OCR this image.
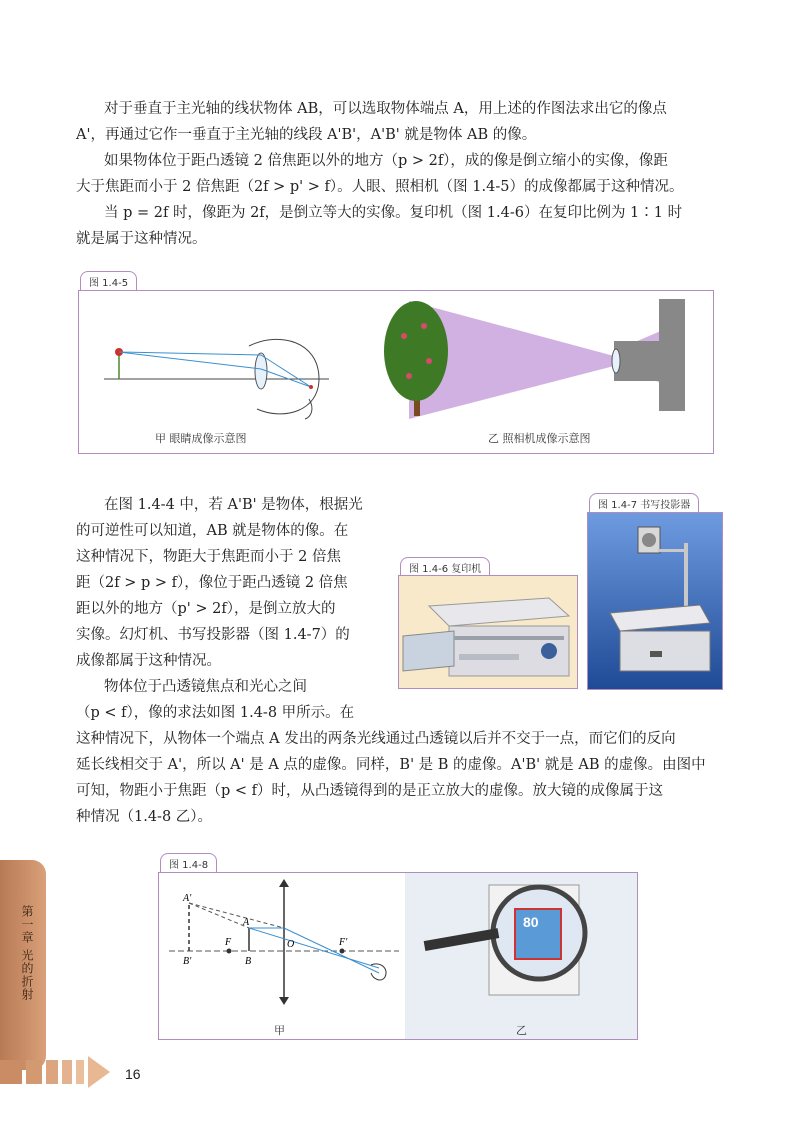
对于垂直于主光轴的线状物体 AB，可以选取物体端点 A，用上述的作图法求出它的像点

A'，再通过它作一垂直于主光轴的线段 A'B'，A'B' 就是物体 AB 的像。

如果物体位于距凸透镜 2 倍焦距以外的地方（p > 2f），成的像是倒立缩小的实像，像距

大于焦距而小于 2 倍焦距（2f > p' > f）。人眼、照相机（图 1.4-5）的成像都属于这种情况。

当 p = 2f 时，像距为 2f，是倒立等大的实像。复印机（图 1.4-6）在复印比例为 1∶1 时

就是属于这种情况。

图 1.4-5
甲 眼睛成像示意图	乙 照相机成像示意图

在图 1.4-4 中，若 A'B' 是物体，根据光

的可逆性可以知道，AB 就是物体的像。在

这种情况下，物距大于焦距而小于 2 倍焦

距（2f > p > f），像位于距凸透镜 2 倍焦

距以外的地方（p' > 2f），是倒立放大的

实像。幻灯机、书写投影器（图 1.4-7）的

成像都属于这种情况。

图 1.4-6 复印机
图 1.4-7 书写投影器

物体位于凸透镜焦点和光心之间

（p < f），像的求法如图 1.4-8 甲所示。在

这种情况下，从物体一个端点 A 发出的两条光线通过凸透镜以后并不交于一点，而它们的反向

延长线相交于 A'，所以 A' 是 A 点的虚像。同样，B' 是 B 的虚像。A'B' 就是 AB 的虚像。由图中

可知，物距小于焦距（p < f）时，从凸透镜得到的是正立放大的虚像。放大镜的成像属于这

种情况（1.4-8 乙）。

图 1.4-8
A'
B'
A
B
F	O	F'
80
甲	乙
第一章 光的折射
16
